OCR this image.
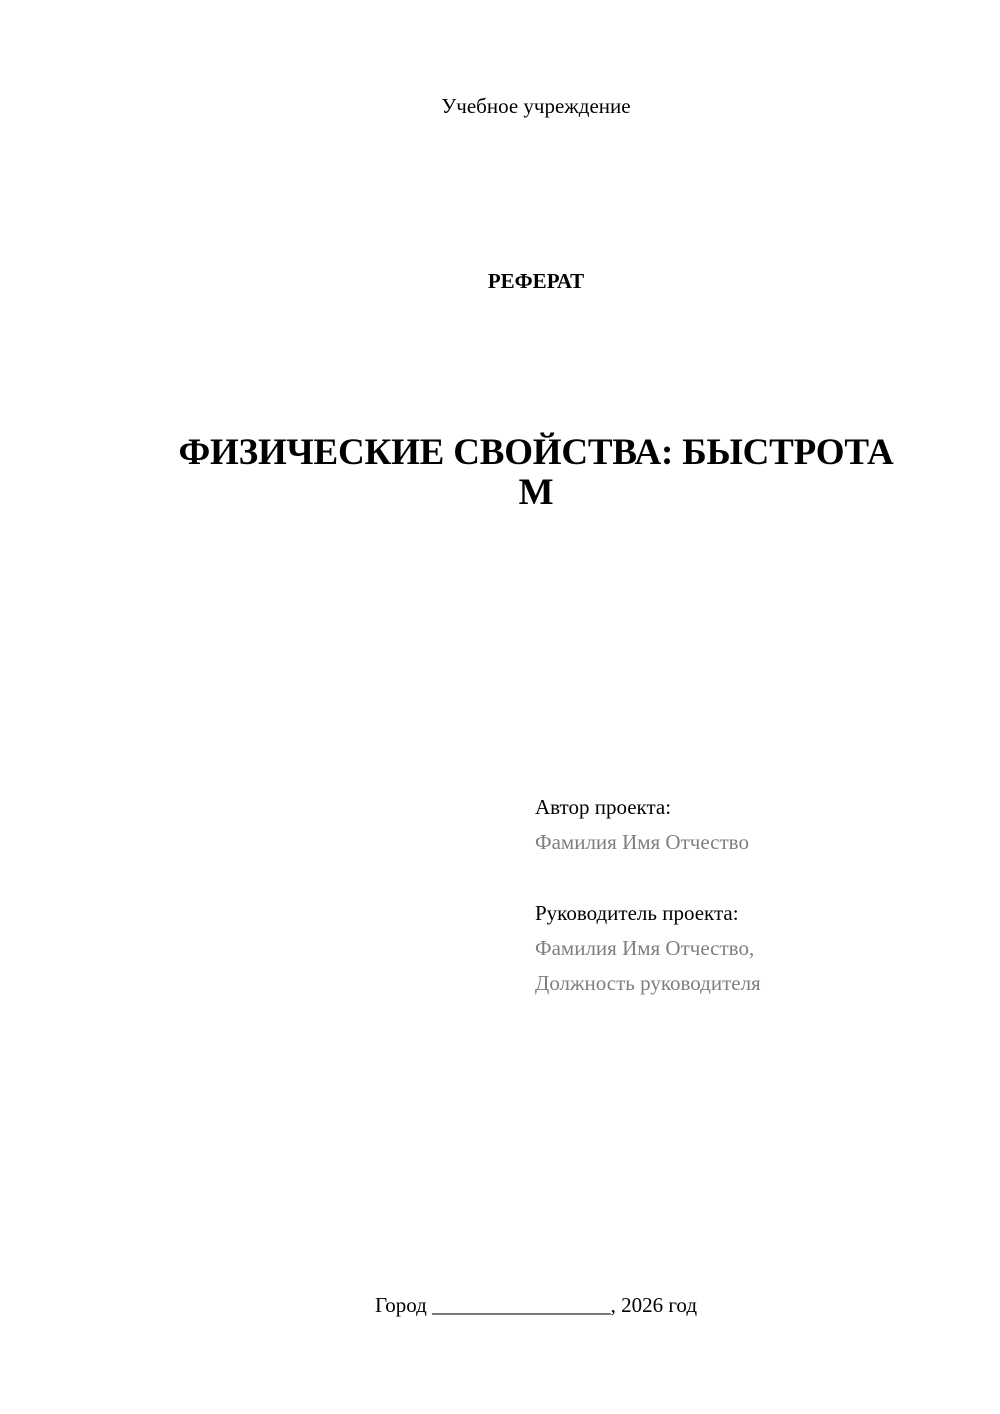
Учебное учреждение

РЕФЕРАТ

ФИЗИЧЕСКИЕ СВОЙСТВА: БЫСТРОТА М

Автор проекта:

Фамилия Имя Отчество

Руководитель проекта:

Фамилия Имя Отчество,

Должность руководителя

Город _________________, 2026 год
